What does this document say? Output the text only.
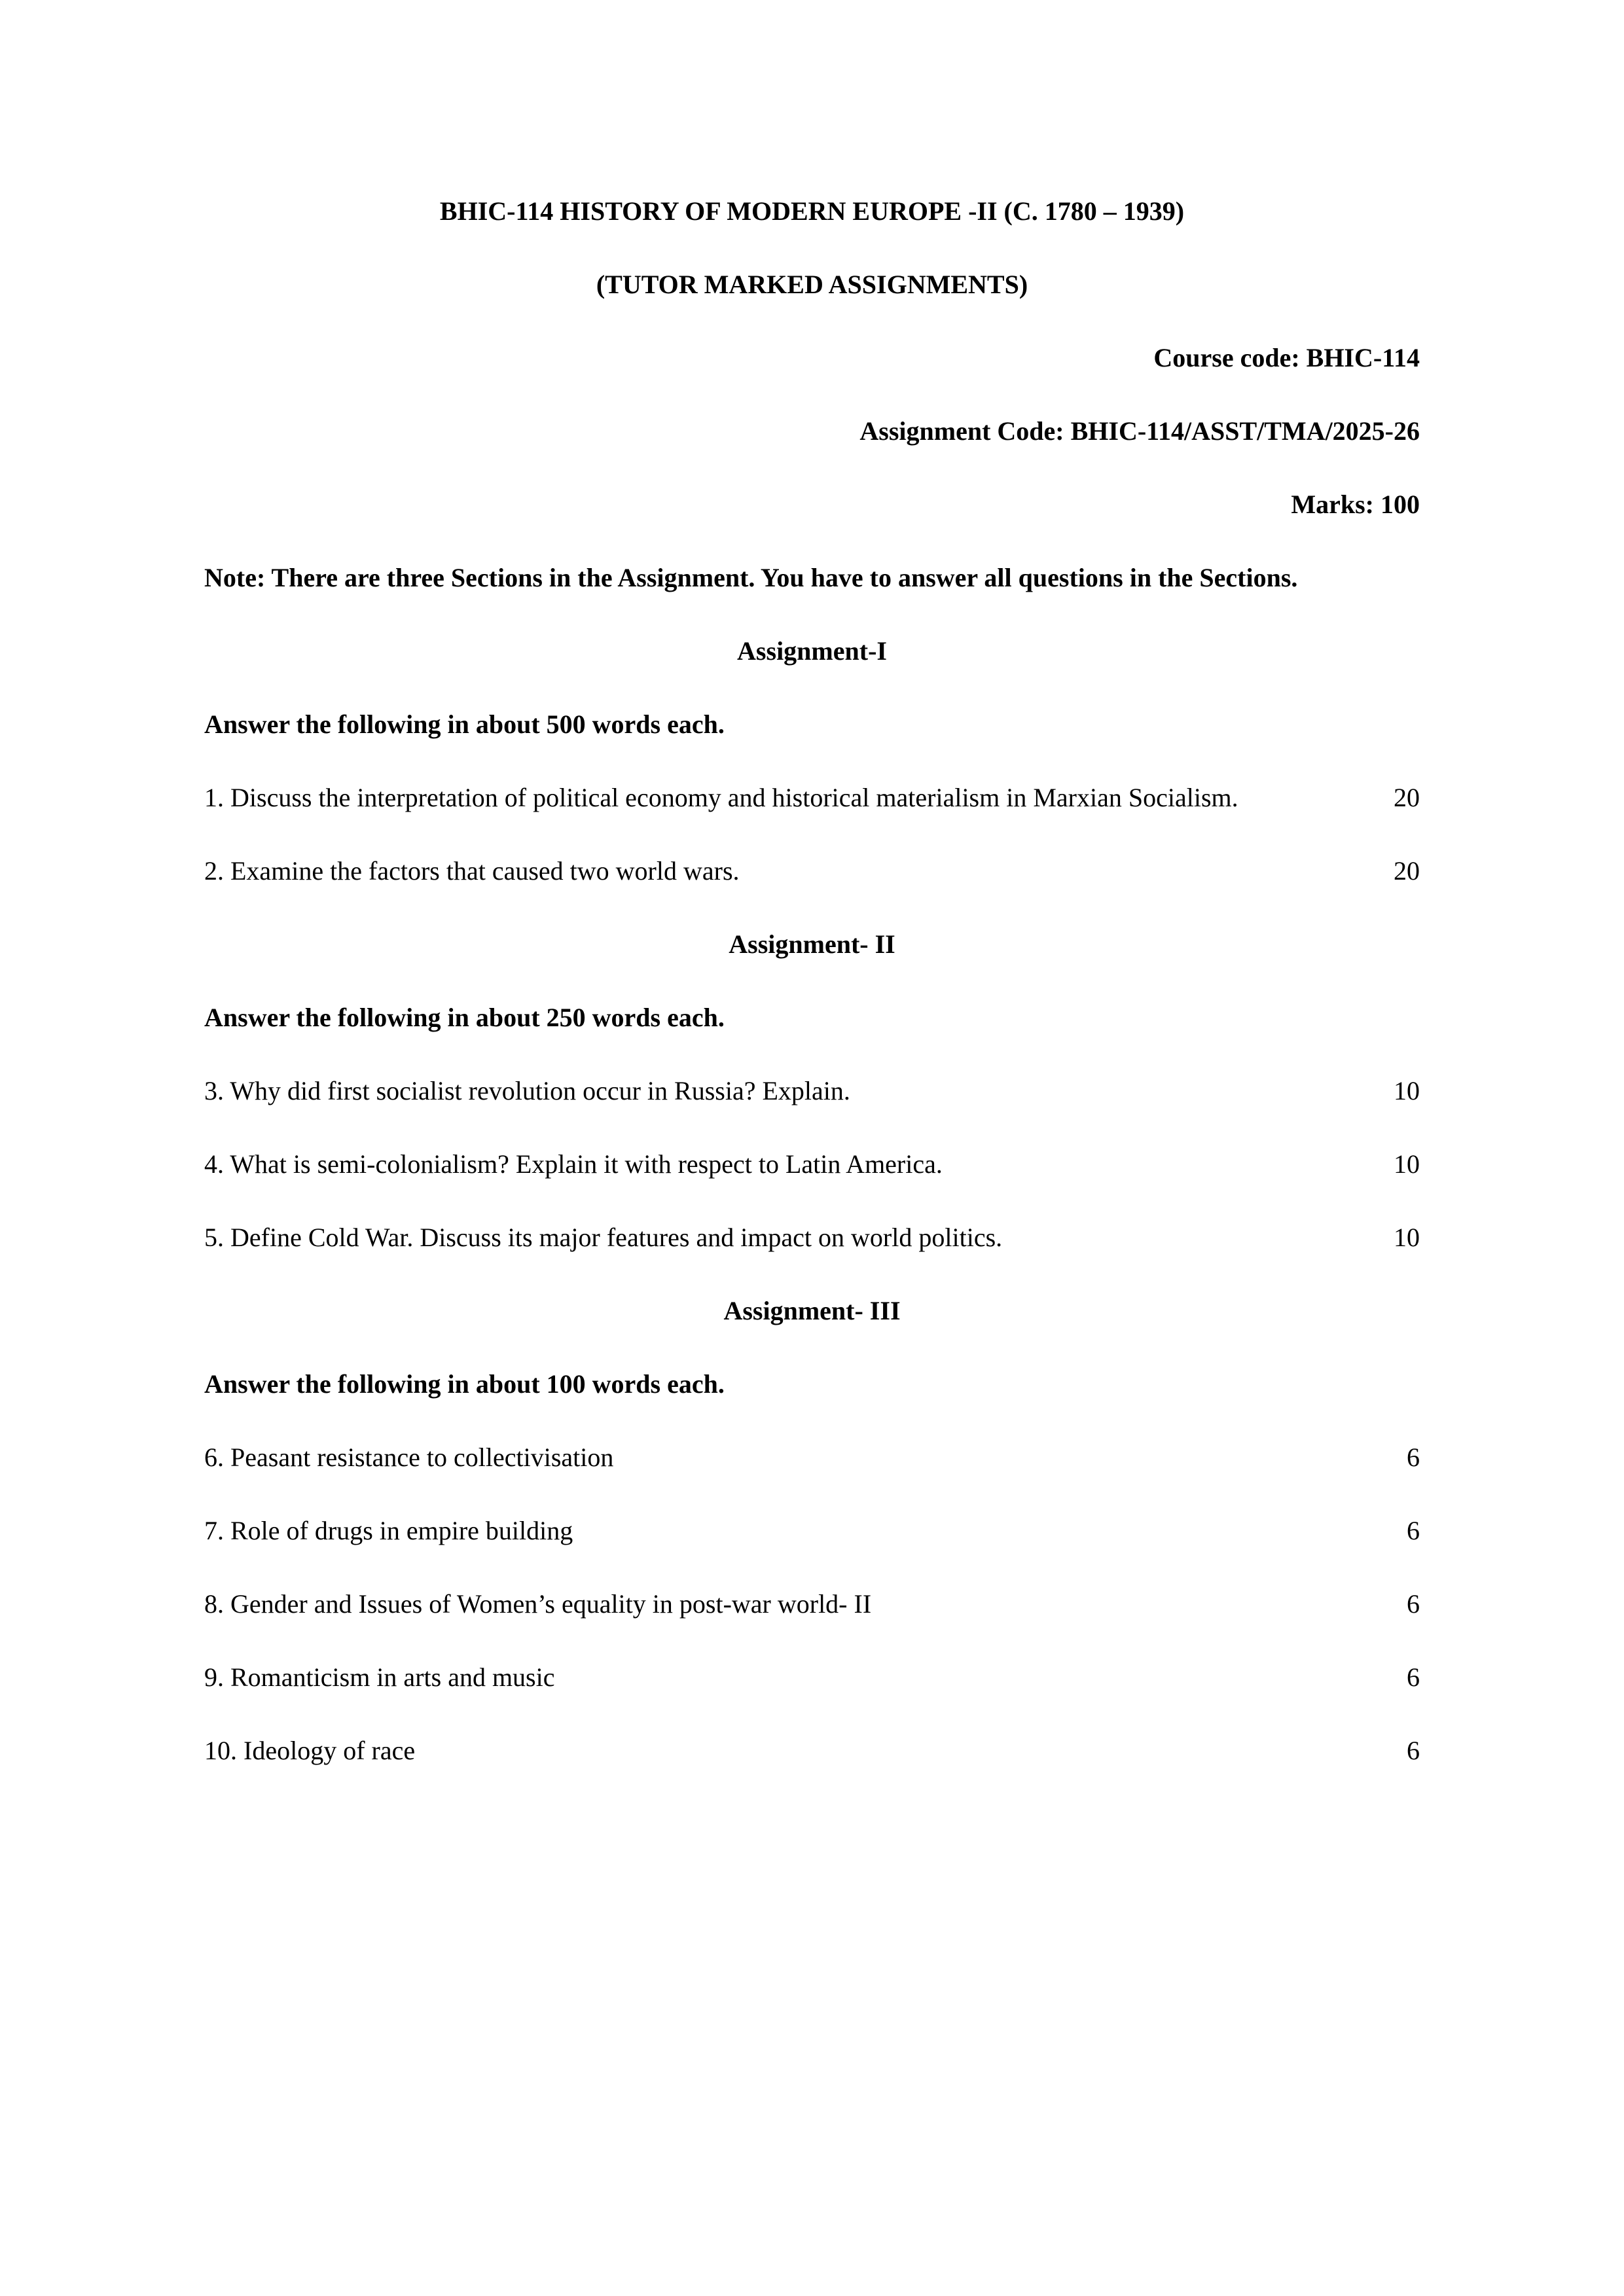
BHIC-114 HISTORY OF MODERN EUROPE -II (C. 1780 – 1939)
(TUTOR MARKED ASSIGNMENTS)
Course code: BHIC-114
Assignment Code: BHIC-114/ASST/TMA/2025-26
Marks: 100
Note: There are three Sections in the Assignment. You have to answer all questions in the Sections.
Assignment-I
Answer the following in about 500 words each.
1. Discuss the interpretation of political economy and historical materialism in Marxian Socialism.	20
2. Examine the factors that caused two world wars.	20
Assignment- II
Answer the following in about 250 words each.
3. Why did first socialist revolution occur in Russia? Explain.	10
4. What is semi-colonialism? Explain it with respect to Latin America.	10
5. Define Cold War. Discuss its major features and impact on world politics.	10
Assignment- III
Answer the following in about 100 words each.
6. Peasant resistance to collectivisation	6
7. Role of drugs in empire building	6
8. Gender and Issues of Women’s equality in post-war world- II	6
9. Romanticism in arts and music	6
10. Ideology of race	6
